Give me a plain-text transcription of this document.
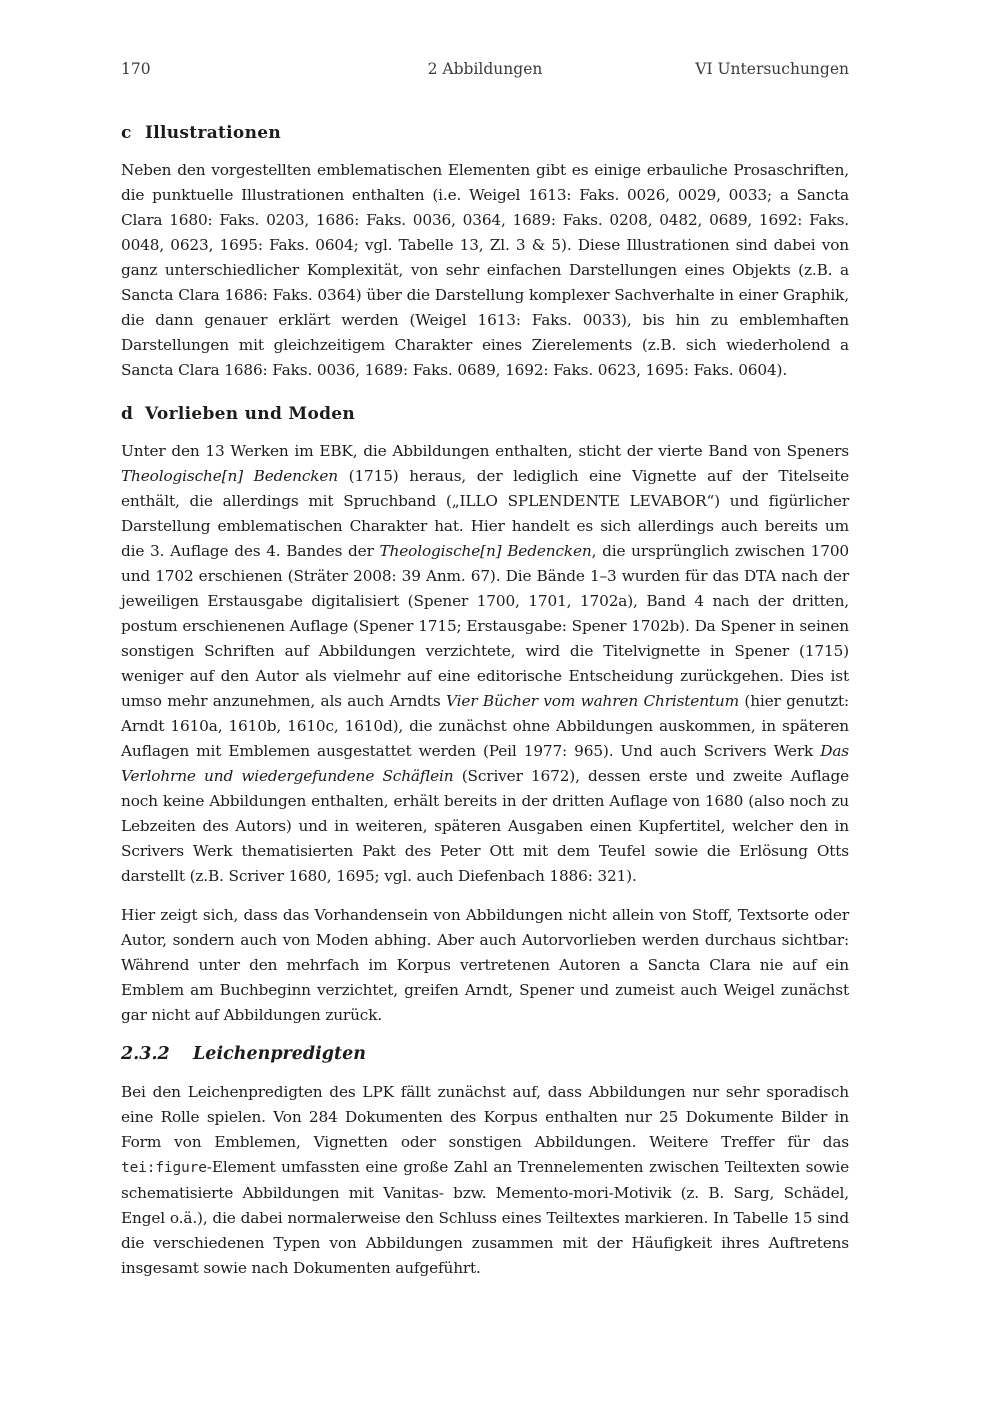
170	2 Abbildungen	VI Untersuchungen
c Illustrationen

Neben den vorgestellten emblematischen Elementen gibt es einige erbauliche Prosaschriften, die punktuelle Illustrationen enthalten (i.e. Weigel 1613: Faks. 0026, 0029, 0033; a Sancta Clara 1680: Faks. 0203, 1686: Faks. 0036, 0364, 1689: Faks. 0208, 0482, 0689, 1692: Faks. 0048, 0623, 1695: Faks. 0604; vgl. Tabelle 13, Zl. 3 & 5). Diese Illustrationen sind dabei von ganz unterschiedlicher Komplexität, von sehr einfachen Darstellungen eines Objekts (z.B. a Sancta Clara 1686: Faks. 0364) über die Darstellung komplexer Sachverhalte in einer Graphik, die dann genauer erklärt werden (Weigel 1613: Faks. 0033), bis hin zu emblemhaften Darstellungen mit gleichzeitigem Charakter eines Zierelements (z.B. sich wiederholend a Sancta Clara 1686: Faks. 0036, 1689: Faks. 0689, 1692: Faks. 0623, 1695: Faks. 0604).

d Vorlieben und Moden

Unter den 13 Werken im EBK, die Abbildungen enthalten, sticht der vierte Band von Speners Theologische[n] Bedencken (1715) heraus, der lediglich eine Vignette auf der Titelseite enthält, die allerdings mit Spruchband („ILLO SPLENDENTE LEVABOR“) und figürlicher Darstellung emblematischen Charakter hat. Hier handelt es sich allerdings auch bereits um die 3. Auflage des 4. Bandes der Theologische[n] Bedencken, die ursprünglich zwischen 1700 und 1702 erschienen (Sträter 2008: 39 Anm. 67). Die Bände 1–3 wurden für das DTA nach der jeweiligen Erstausgabe digitalisiert (Spener 1700, 1701, 1702a), Band 4 nach der dritten, postum erschienenen Auflage (Spener 1715; Erstausgabe: Spener 1702b). Da Spener in seinen sonstigen Schriften auf Abbildungen verzichtete, wird die Titelvignette in Spener (1715) weniger auf den Autor als vielmehr auf eine editorische Entscheidung zurückgehen. Dies ist umso mehr anzunehmen, als auch Arndts Vier Bücher vom wahren Christentum (hier genutzt: Arndt 1610a, 1610b, 1610c, 1610d), die zunächst ohne Abbildungen auskommen, in späteren Auflagen mit Emblemen ausgestattet werden (Peil 1977: 965). Und auch Scrivers Werk Das Verlohrne und wiedergefundene Schäflein (Scriver 1672), dessen erste und zweite Auflage noch keine Abbildungen enthalten, erhält bereits in der dritten Auflage von 1680 (also noch zu Lebzeiten des Autors) und in weiteren, späteren Ausgaben einen Kupfertitel, welcher den in Scrivers Werk thematisierten Pakt des Peter Ott mit dem Teufel sowie die Erlösung Otts darstellt (z.B. Scriver 1680, 1695; vgl. auch Diefenbach 1886: 321).

Hier zeigt sich, dass das Vorhandensein von Abbildungen nicht allein von Stoff, Textsorte oder Autor, sondern auch von Moden abhing. Aber auch Autorvorlieben werden durchaus sichtbar: Während unter den mehrfach im Korpus vertretenen Autoren a Sancta Clara nie auf ein Emblem am Buchbeginn verzichtet, greifen Arndt, Spener und zumeist auch Weigel zunächst gar nicht auf Abbildungen zurück.

2.3.2 Leichenpredigten

Bei den Leichenpredigten des LPK fällt zunächst auf, dass Abbildungen nur sehr sporadisch eine Rolle spielen. Von 284 Dokumenten des Korpus enthalten nur 25 Dokumente Bilder in Form von Emblemen, Vignetten oder sonstigen Abbildungen. Weitere Treffer für das tei:figure-Element umfassten eine große Zahl an Trennelementen zwischen Teiltexten sowie schematisierte Abbildungen mit Vanitas- bzw. Memento-mori-Motivik (z. B. Sarg, Schädel, Engel o.ä.), die dabei normalerweise den Schluss eines Teiltextes markieren. In Tabelle 15 sind die verschiedenen Typen von Abbildungen zusammen mit der Häufigkeit ihres Auftretens insgesamt sowie nach Dokumenten aufgeführt.
